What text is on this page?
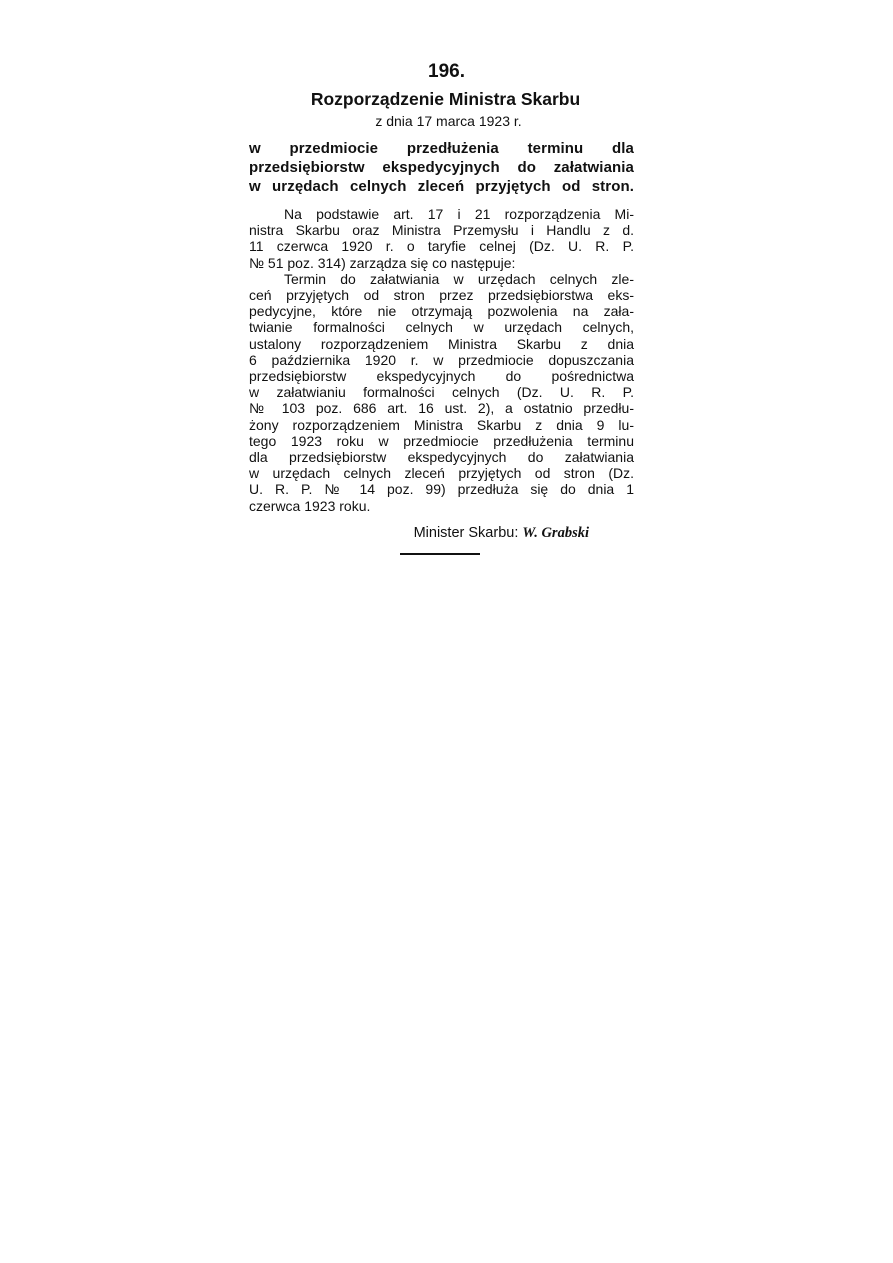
196.
Rozporządzenie Ministra Skarbu
z dnia 17 marca 1923 r.
w przedmiocie przedłużenia terminu dla
przedsiębiorstw ekspedycyjnych do załatwiania
w urzędach celnych zleceń przyjętych od stron.
Na podstawie art. 17 i 21 rozporządzenia Mi-
nistra Skarbu oraz Ministra Przemysłu i Handlu z d.
11 czerwca 1920 r. o taryfie celnej (Dz. U. R. P.
№ 51 poz. 314) zarządza się co następuje:
Termin do załatwiania w urzędach celnych zle-
ceń przyjętych od stron przez przedsiębiorstwa eks-
pedycyjne, które nie otrzymają pozwolenia na zała-
twianie formalności celnych w urzędach celnych,
ustalony rozporządzeniem Ministra Skarbu z dnia
6 października 1920 r. w przedmiocie dopuszczania
przedsiębiorstw ekspedycyjnych do pośrednictwa
w załatwianiu formalności celnych (Dz. U. R. P.
№ 103 poz. 686 art. 16 ust. 2), a ostatnio przedłu-
żony rozporządzeniem Ministra Skarbu z dnia 9 lu-
tego 1923 roku w przedmiocie przedłużenia terminu
dla przedsiębiorstw ekspedycyjnych do załatwiania
w urzędach celnych zleceń przyjętych od stron (Dz.
U. R. P. № 14 poz. 99) przedłuża się do dnia 1
czerwca 1923 roku.
Minister Skarbu: W. Grabski
